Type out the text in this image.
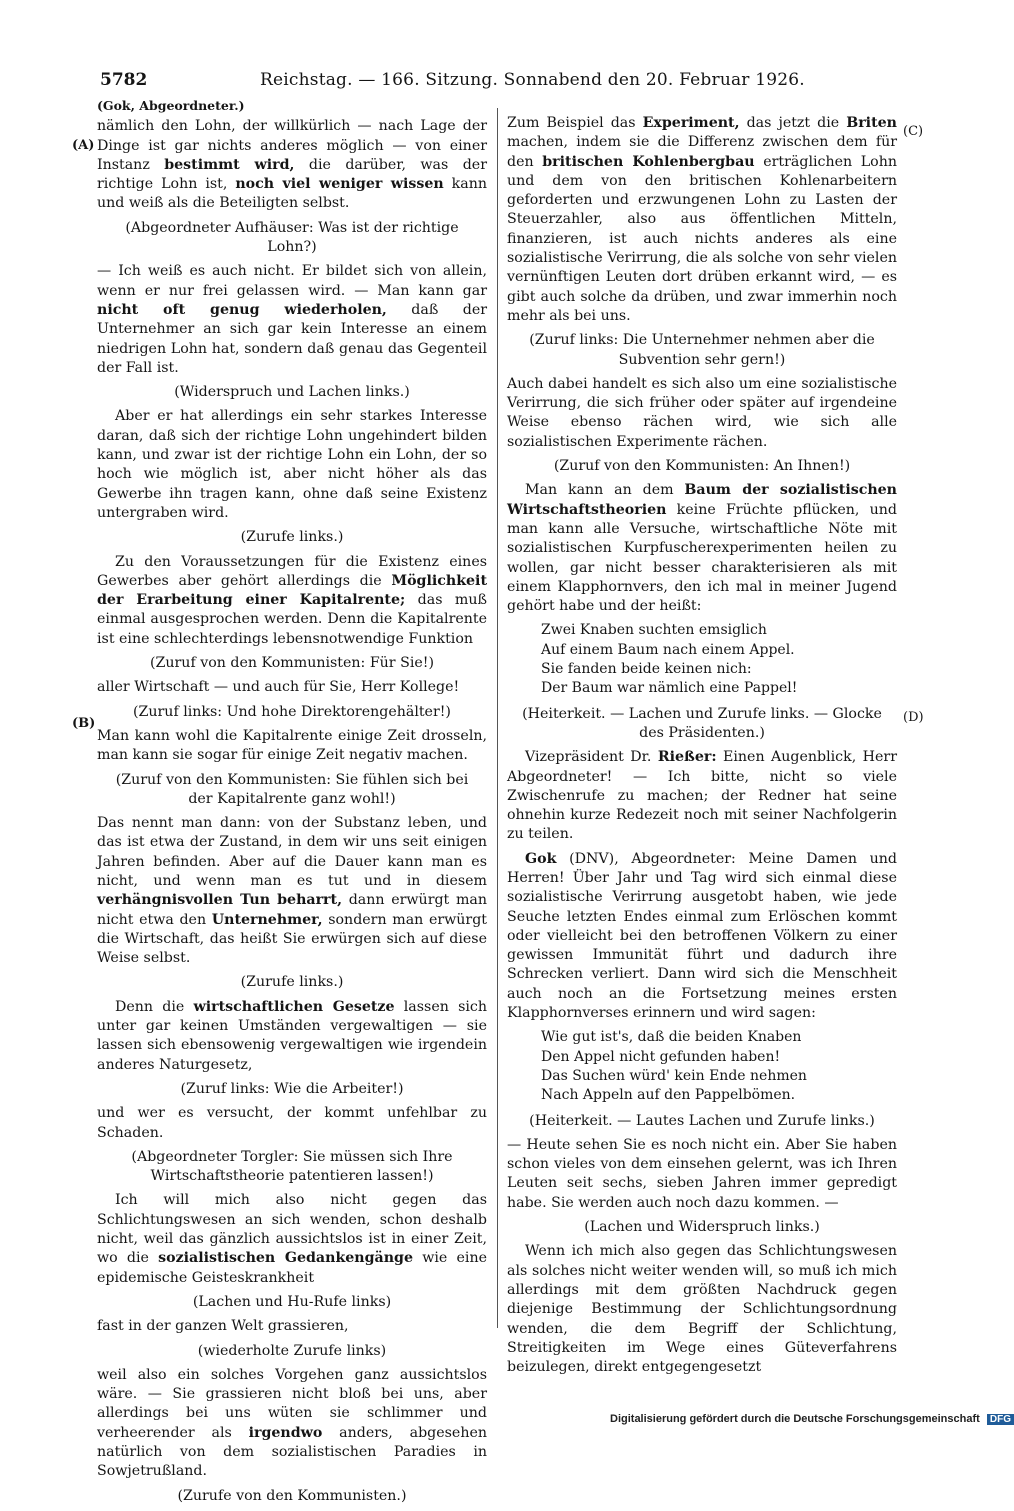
5782	Reichstag. — 166. Sitzung. Sonnabend den 20. Februar 1926.
(A)
(B)
(C)
(D)

(Gok, Abgeordneter.)

nämlich den Lohn, der willkürlich — nach Lage der Dinge ist gar nichts anderes möglich — von einer Instanz bestimmt wird, die darüber, was der richtige Lohn ist, noch viel weniger wissen kann und weiß als die Beteiligten selbst.

(Abgeordneter Aufhäuser: Was ist der richtige Lohn?)

— Ich weiß es auch nicht. Er bildet sich von allein, wenn er nur frei gelassen wird. — Man kann gar nicht oft genug wiederholen, daß der Unternehmer an sich gar kein Interesse an einem niedrigen Lohn hat, sondern daß genau das Gegenteil der Fall ist.

(Widerspruch und Lachen links.)

Aber er hat allerdings ein sehr starkes Interesse daran, daß sich der richtige Lohn ungehindert bilden kann, und zwar ist der richtige Lohn ein Lohn, der so hoch wie möglich ist, aber nicht höher als das Gewerbe ihn tragen kann, ohne daß seine Existenz untergraben wird.

(Zurufe links.)

Zu den Voraussetzungen für die Existenz eines Gewerbes aber gehört allerdings die Möglichkeit der Erarbeitung einer Kapitalrente; das muß einmal ausgesprochen werden. Denn die Kapitalrente ist eine schlechterdings lebensnotwendige Funktion

(Zuruf von den Kommunisten: Für Sie!)

aller Wirtschaft — und auch für Sie, Herr Kollege!

(Zuruf links: Und hohe Direktorengehälter!)

Man kann wohl die Kapitalrente einige Zeit drosseln, man kann sie sogar für einige Zeit negativ machen.

(Zuruf von den Kommunisten: Sie fühlen sich bei der Kapitalrente ganz wohl!)

Das nennt man dann: von der Substanz leben, und das ist etwa der Zustand, in dem wir uns seit einigen Jahren befinden. Aber auf die Dauer kann man es nicht, und wenn man es tut und in diesem verhängnisvollen Tun beharrt, dann erwürgt man nicht etwa den Unternehmer, sondern man erwürgt die Wirtschaft, das heißt Sie erwürgen sich auf diese Weise selbst.

(Zurufe links.)

Denn die wirtschaftlichen Gesetze lassen sich unter gar keinen Umständen vergewaltigen — sie lassen sich ebensowenig vergewaltigen wie irgendein anderes Naturgesetz,

(Zuruf links: Wie die Arbeiter!)

und wer es versucht, der kommt unfehlbar zu Schaden.

(Abgeordneter Torgler: Sie müssen sich Ihre Wirtschaftstheorie patentieren lassen!)

Ich will mich also nicht gegen das Schlichtungswesen an sich wenden, schon deshalb nicht, weil das gänzlich aussichtslos ist in einer Zeit, wo die sozialistischen Gedankengänge wie eine epidemische Geisteskrankheit

(Lachen und Hu-Rufe links)

fast in der ganzen Welt grassieren,

(wiederholte Zurufe links)

weil also ein solches Vorgehen ganz aussichtslos wäre. — Sie grassieren nicht bloß bei uns, aber allerdings bei uns wüten sie schlimmer und verheerender als irgendwo anders, abgesehen natürlich von dem sozialistischen Paradies in Sowjetrußland.

(Zurufe von den Kommunisten.)

Zum Beispiel das Experiment, das jetzt die Briten machen, indem sie die Differenz zwischen dem für den britischen Kohlenbergbau erträglichen Lohn und dem von den britischen Kohlenarbeitern geforderten und erzwungenen Lohn zu Lasten der Steuerzahler, also aus öffentlichen Mitteln, finanzieren, ist auch nichts anderes als eine sozialistische Verirrung, die als solche von sehr vielen vernünftigen Leuten dort drüben erkannt wird, — es gibt auch solche da drüben, und zwar immerhin noch mehr als bei uns.

(Zuruf links: Die Unternehmer nehmen aber die Subvention sehr gern!)

Auch dabei handelt es sich also um eine sozialistische Verirrung, die sich früher oder später auf irgendeine Weise ebenso rächen wird, wie sich alle sozialistischen Experimente rächen.

(Zuruf von den Kommunisten: An Ihnen!)

Man kann an dem Baum der sozialistischen Wirtschaftstheorien keine Früchte pflücken, und man kann alle Versuche, wirtschaftliche Nöte mit sozialistischen Kurpfuscherexperimenten heilen zu wollen, gar nicht besser charakterisieren als mit einem Klapphornvers, den ich mal in meiner Jugend gehört habe und der heißt:

Zwei Knaben suchten emsiglich
Auf einem Baum nach einem Appel.
Sie fanden beide keinen nich:
Der Baum war nämlich eine Pappel!

(Heiterkeit. — Lachen und Zurufe links. — Glocke des Präsidenten.)

Vizepräsident Dr. Rießer: Einen Augenblick, Herr Abgeordneter! — Ich bitte, nicht so viele Zwischenrufe zu machen; der Redner hat seine ohnehin kurze Redezeit noch mit seiner Nachfolgerin zu teilen.

Gok (DNV), Abgeordneter: Meine Damen und Herren! Über Jahr und Tag wird sich einmal diese sozialistische Verirrung ausgetobt haben, wie jede Seuche letzten Endes einmal zum Erlöschen kommt oder vielleicht bei den betroffenen Völkern zu einer gewissen Immunität führt und dadurch ihre Schrecken verliert. Dann wird sich die Menschheit auch noch an die Fortsetzung meines ersten Klapphornverses erinnern und wird sagen:

Wie gut ist's, daß die beiden Knaben
Den Appel nicht gefunden haben!
Das Suchen würd' kein Ende nehmen
Nach Appeln auf den Pappelbömen.

(Heiterkeit. — Lautes Lachen und Zurufe links.)

— Heute sehen Sie es noch nicht ein. Aber Sie haben schon vieles von dem einsehen gelernt, was ich Ihren Leuten seit sechs, sieben Jahren immer gepredigt habe. Sie werden auch noch dazu kommen. —

(Lachen und Widerspruch links.)

Wenn ich mich also gegen das Schlichtungswesen als solches nicht weiter wenden will, so muß ich mich allerdings mit dem größten Nachdruck gegen diejenige Bestimmung der Schlichtungsordnung wenden, die dem Begriff der Schlichtung, Streitigkeiten im Wege eines Güteverfahrens beizulegen, direkt entgegengesetzt

Digitalisierung gefördert durch die Deutsche Forschungsgemeinschaft DFG
